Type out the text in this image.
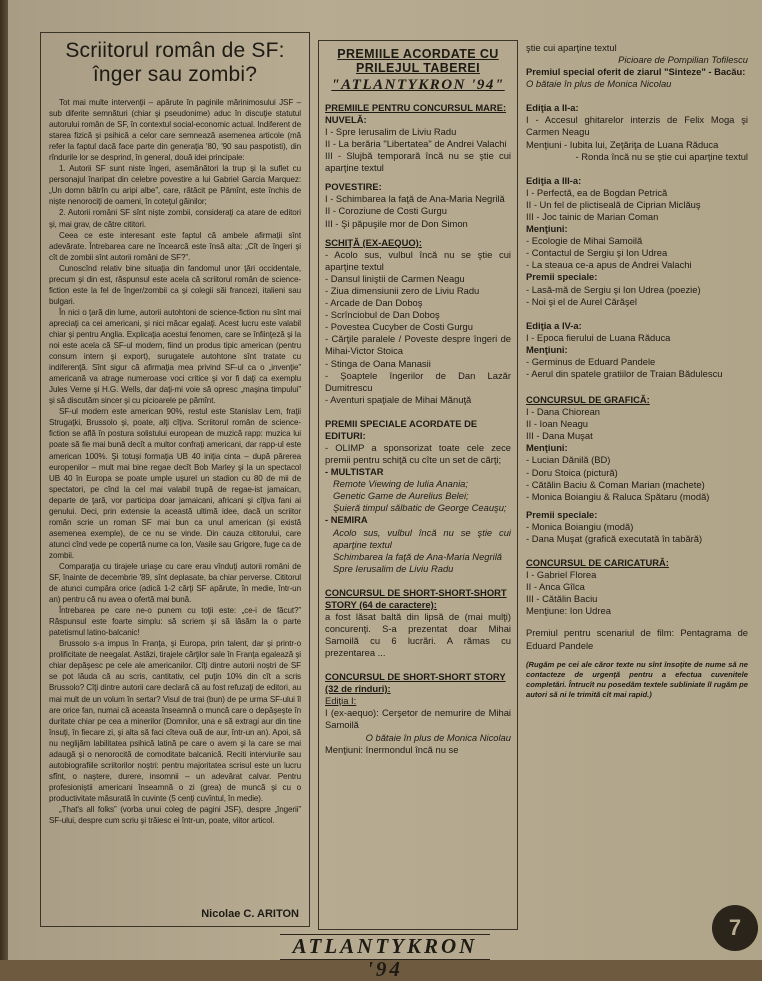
Scriitorul român de SF:
înger sau zombi?

Tot mai multe intervenţii – apărute în paginile mărinimosului JSF – sub diferite semnături (chiar şi pseudonime) aduc în discuţie statutul autorului român de SF, în contextul social-economic actual. Indiferent de starea fizică şi psihică a celor care semnează asemenea articole (mă refer la faptul dacă face parte din generaţia '80, '90 sau paspotisti), din rîndurile lor se desprind, în general, două idei principale:

1. Autorii SF sunt niste îngeri, asemănători la trup şi la suflet cu personajul înaripat din celebre povestire a lui Gabriel Garcia Marquez: „Un domn bătrîn cu aripi albe”, care, rătăcit pe Pămînt, este închis de niște nenorociți de oameni, în coteţul găinilor;

2. Autorii români SF sînt niște zombii, consideraţi ca atare de editori şi, mai grav, de către cititori.

Ceea ce este interesant este faptul că ambele afirmaţii sînt adevărate. Întrebarea care ne încearcă este însă alta: „Cît de îngeri şi cît de zombii sînt autorii români de SF?”.

Cunoscînd relativ bine situaţia din fandomul unor ţări occidentale, precum şi din est, răspunsul este acela că scriitorul român de science-fiction este la fel de înger/zombii ca şi colegii săi francezi, italieni sau bulgari.

În nici o ţară din lume, autorii autohtoni de science-fiction nu sînt mai apreciaţi ca cei americani, şi nici măcar egalaţi. Acest lucru este valabil chiar şi pentru Anglia. Explicaţia acestui fenomen, care se înfiinţeză şi la noi este acela că SF-ul modern, fiind un produs tipic american (pentru consum intern şi export), surugatele autohtone sînt tratate cu indiferenţă. Sînt sigur că afirmaţia mea privind SF-ul ca o „invenţie” americană va atrage numeroase voci critice şi vor fi daţi ca exemplu Jules Verne şi H.G. Wells, dar daţi-mi voie să opresc „maşina timpului” şi să discutăm sincer şi cu picioarele pe pămînt.

SF-ul modern este american 90%, restul este Stanislav Lem, fraţii Strugaţki, Brussolo şi, poate, alţi cîţiva. Scriitorul român de science-fiction se află în postura solistului european de muzică rapp: muzica lui poate să fie mai bună decît a multor confraţi americani, dar rapp-ul este american 100%. Şi totuşi formaţia UB 40 iniţia cinta – după părerea europenilor – mult mai bine regae decît Bob Marley şi la un spectacol UB 40 în Europa se poate umple uşurel un stadion cu 80 de mii de spectatori, pe cînd la cel mai valabil trupă de regae-ist jamaican, departe de ţară, vor participa doar jamaicani, africani şi cîţiva fani ai genului. Deci, prin extensie la această ultimă idee, dacă un scriitor român scrie un roman SF mai bun ca unul american (şi există asemenea exemple), de ce nu se vinde. Din cauza cititorului, care atunci cînd vede pe copertă nume ca Ion, Vasile sau Grigore, fuge ca de zombii.

Comparaţia cu tirajele uriaşe cu care erau vînduţi autorii români de SF, înainte de decembrie '89, sînt deplasate, ba chiar perverse. Cititorul de atunci cumpăra orice (adică 1-2 cărţi SF apărute, în medie, într-un an) pentru că nu avea o ofertă mai bună.

Întrebarea pe care ne-o punem cu toţii este: „ce-i de făcut?” Răspunsul este foarte simplu: să scriem şi să lăsăm la o parte patetismul latino-balcanic!

Brussolo s-a impus în Franţa, şi Europa, prin talent, dar şi printr-o prolificitate de neegalat. Astăzi, tirajele cărţilor sale în Franţa egalează şi chiar depăşesc pe cele ale americanilor. Cîţi dintre autorii noştri de SF se pot lăuda că au scris, cantitativ, cel puţin 10% din cît a scris Brussolo? Cîţi dintre autorii care declară că au fost refuzaţi de editori, au mai mult de un volum în sertar? Visul de trai (bun) de pe urma SF-ului îl are orice fan, numai că aceasta înseamnă o muncă care o depăşeşte în duritate chiar pe cea a minerilor (Domnilor, una e să extragi aur din tine însuţi, în fiecare zi, şi alta să faci cîteva ouă de aur, într-un an). Apoi, să nu neglijăm labilitatea psihică latină pe care o avem şi la care se mai adaugă şi o nenorocită de comoditate balcanică. Reciti interviurile sau autobiografiile scriitorilor noştri: pentru majoritatea scrisul este un lucru sfînt, o naştere, durere, insomnii – un adevărat calvar. Pentru profesioniştii americani înseamnă o zi (grea) de muncă şi cu o productivitate măsurată în cuvinte (5 cenţi cuvîntul, în medie).

„That's all folks” (vorba unui coleg de pagini JSF), despre „îngerii” SF-ului, despre cum scriu şi trăiesc ei într-un, poate, viitor articol.

Nicolae C. ARITON
PREMIILE ACORDATE CU
PRILEJUL TABEREI
"ATLANTYKRON '94"
PREMIILE PENTRU CONCURSUL MARE:
NUVELĂ:
I - Spre Ierusalim de Liviu Radu
II - La berăria "Libertatea" de Andrei Valachi
III - Slujbă temporară încă nu se ştie cui aparţine textul
POVESTIRE:
I - Schimbarea la faţă de Ana-Maria Negrilă
II - Coroziune de Costi Gurgu
III - Şi păpuşile mor de Don Simon
SCHIŢĂ (EX-AEQUO):
- Acolo sus, vulbul încă nu se ştie cui aparţine textul
- Dansul liniştii de Carmen Neagu
- Ziua dimensiunii zero de Liviu Radu
- Arcade de Dan Doboş
- Scrînciobul de Dan Doboş
- Povestea Cucyber de Costi Gurgu
- Cărţile paralele / Poveste despre îngeri de Mihai-Victor Stoica
- Stinga de Oana Manasii
- Şoaptele îngerilor de Dan Lazăr Dumitrescu
- Aventuri spaţiale de Mihai Mănuţă
PREMII SPECIALE ACORDATE DE EDITURI:
- OLIMP a sponsorizat toate cele zece premii pentru schiţă cu cîte un set de cărţi;
- MULTISTAR
Remote Viewing de Iulia Anania;
Genetic Game de Aurelius Belei;
Şuieră timpul sălbatic de George Ceauşu;
- NEMIRA
Acolo sus, vulbul încă nu se ştie cui aparţine textul
Schimbarea la faţă de Ana-Maria Negrilă
Spre Ierusalim de Liviu Radu
CONCURSUL DE SHORT-SHORT-SHORT STORY (64 de caractere):
a fost lăsat baltă din lipsă de (mai mulţi) concurenţi. S-a prezentat doar Mihai Samoilă cu 6 lucrări. A rămas cu prezentarea ...
CONCURSUL DE SHORT-SHORT STORY (32 de rînduri):
Ediţia I:
I (ex-aequo): Cerşetor de nemurire de Mihai Samoilă
O bătaie în plus de Monica Nicolau
Menţiuni: Inermondul încă nu se
ştie cui aparţine textul
Picioare de Pompilian Tofilescu
Premiul special oferit de ziarul "Sinteze" - Bacău:
O bătaie în plus de Monica Nicolau
Ediţia a II-a:
I - Accesul ghitarelor interzis de Felix Moga şi Carmen Neagu
Menţiuni - Iubita lui, Zeţăriţa de Luana Răduca
- Ronda încă nu se ştie cui aparţine textul
Ediţia a III-a:
I - Perfectă, ea de Bogdan Petrică
II - Un fel de plictiseală de Ciprian Miclăuş
III - Joc tainic de Marian Coman
Menţiuni:
- Ecologie de Mihai Samoilă
- Contactul de Sergiu şi Ion Udrea
- La steaua ce-a apus de Andrei Valachi
Premii speciale:
- Lasă-mă de Sergiu şi Ion Udrea (poezie)
- Noi şi el de Aurel Cărăşel
Ediţia a IV-a:
I - Epoca fierului de Luana Răduca
Menţiuni:
- Germinus de Eduard Pandele
- Aerul din spatele gratiilor de Traian Bădulescu
CONCURSUL DE GRAFICĂ:
I - Dana Chiorean
II - Ioan Neagu
III - Dana Muşat
Menţiuni:
- Lucian Dănilă (BD)
- Doru Stoica (pictură)
- Cătălin Baciu & Coman Marian (machete)
- Monica Boiangiu & Raluca Spătaru (modă)
Premii speciale:
- Monica Boiangiu (modă)
- Dana Muşat (grafică executată în tabără)
CONCURSUL DE CARICATURĂ:
I - Gabriel Florea
II - Anca Gîlca
III - Cătălin Baciu
Menţiune: Ion Udrea
Premiul pentru scenariul de film: Pentagrama de Eduard Pandele
(Rugăm pe cei ale căror texte nu sînt însoţite de nume să ne contacteze de urgenţă pentru a efectua cuvenitele completări. Întrucît nu posedăm textele subliniate îl rugăm pe autori să ni le trimită cît mai rapid.)
ATLANTYKRON '94
7
